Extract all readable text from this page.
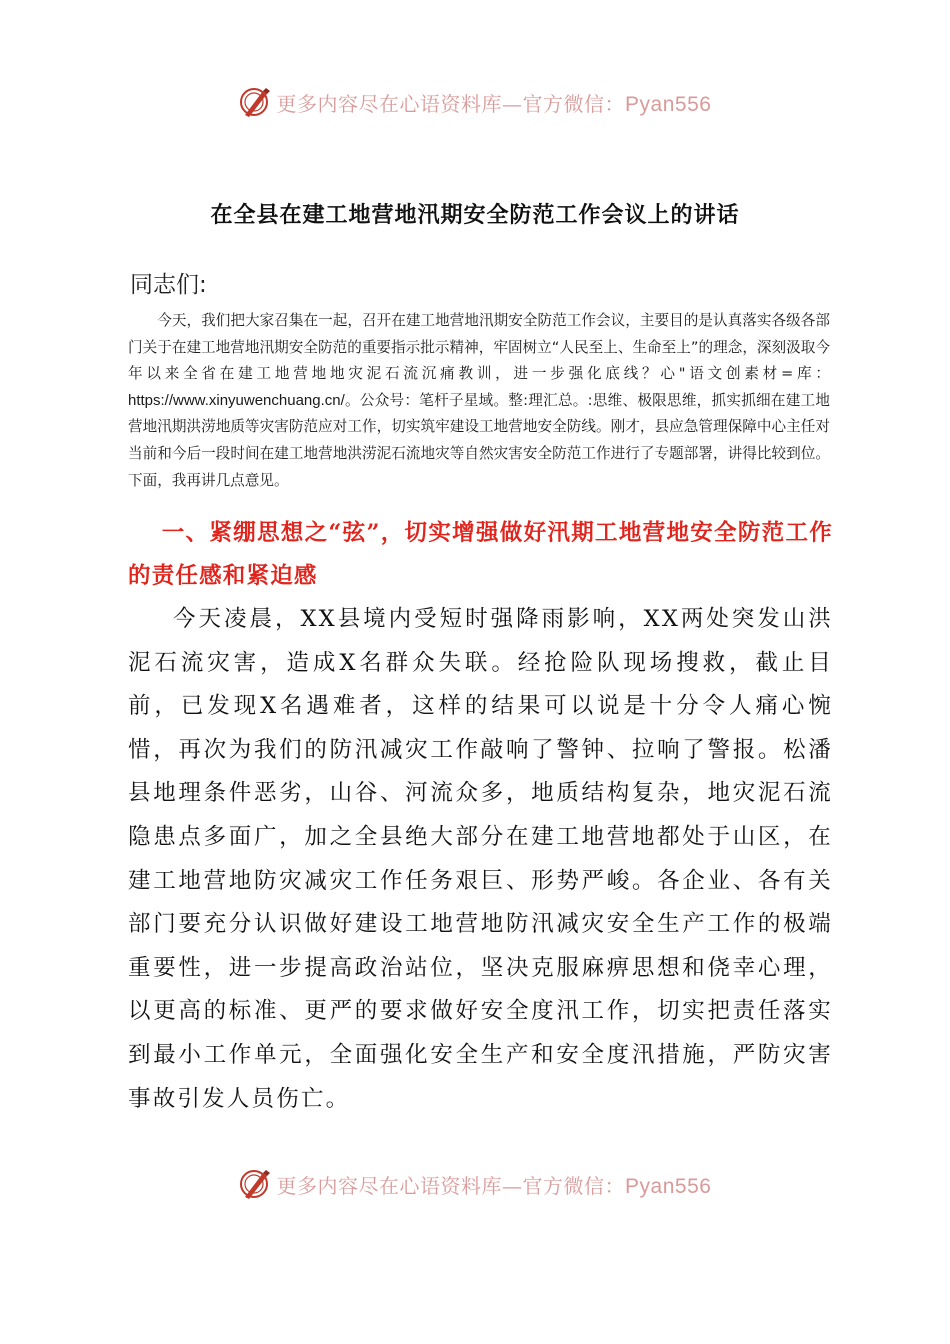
更多内容尽在心语资料库—官方微信：Pyan556
在全县在建工地营地汛期安全防范工作会议上的讲话

同志们:

今天，我们把大家召集在一起，召开在建工地营地汛期安全防范工作会议，主要目的是认真落实各级各部门关于在建工地营地汛期安全防范的重要指示批示精神，牢固树立“人民至上、生命至上”的理念，深刻汲取今年以来全省在建工地营地地灾泥石流沉痛教训，进一步强化底线？心"语文创素材=库：https://www.xinyuwenchuang.cn/。公众号：笔杆子星域。整:理汇总。:思维、极限思维，抓实抓细在建工地营地汛期洪涝地质等灾害防范应对工作，切实筑牢建设工地营地安全防线。刚才，县应急管理保障中心主任对当前和今后一段时间在建工地营地洪涝泥石流地灾等自然灾害安全防范工作进行了专题部署，讲得比较到位。下面，我再讲几点意见。

一、紧绷思想之“弦”，切实增强做好汛期工地营地安全防范工作的责任感和紧迫感

今天凌晨，XX县境内受短时强降雨影响，XX两处突发山洪泥石流灾害，造成X名群众失联。经抢险队现场搜救，截止目前，已发现X名遇难者，这样的结果可以说是十分令人痛心惋惜，再次为我们的防汛减灾工作敲响了警钟、拉响了警报。松潘县地理条件恶劣，山谷、河流众多，地质结构复杂，地灾泥石流隐患点多面广，加之全县绝大部分在建工地营地都处于山区，在建工地营地防灾减灾工作任务艰巨、形势严峻。各企业、各有关部门要充分认识做好建设工地营地防汛减灾安全生产工作的极端重要性，进一步提高政治站位，坚决克服麻痹思想和侥幸心理，以更高的标准、更严的要求做好安全度汛工作，切实把责任落实到最小工作单元，全面强化安全生产和安全度汛措施，严防灾害事故引发人员伤亡。

更多内容尽在心语资料库—官方微信：Pyan556
